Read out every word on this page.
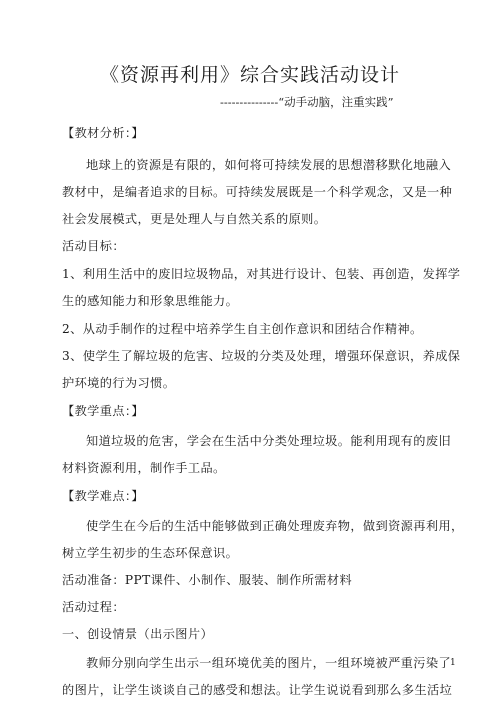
《资源再利用》综合实践活动设计
---------------“动手动脑，注重实践”
【教材分析：】
地球上的资源是有限的，如何将可持续发展的思想潜移默化地融入
教材中，是编者追求的目标。可持续发展既是一个科学观念，又是一种
社会发展模式，更是处理人与自然关系的原则。
活动目标：
1、利用生活中的废旧垃圾物品，对其进行设计、包装、再创造，发挥学
生的感知能力和形象思维能力。
2、从动手制作的过程中培养学生自主创作意识和团结合作精神。
3、使学生了解垃圾的危害、垃圾的分类及处理，增强环保意识，养成保
护环境的行为习惯。
【教学重点：】
知道垃圾的危害，学会在生活中分类处理垃圾。能利用现有的废旧
材料资源利用，制作手工品。
【教学难点：】
使学生在今后的生活中能够做到正确处理废弃物，做到资源再利用，
树立学生初步的生态环保意识。
活动准备：PPT课件、小制作、服装、制作所需材料
活动过程：
一、创设情景（出示图片）
教师分别向学生出示一组环境优美的图片，一组环境被严重污染了
的图片，让学生谈谈自己的感受和想法。让学生说说看到那么多生活垃
1
